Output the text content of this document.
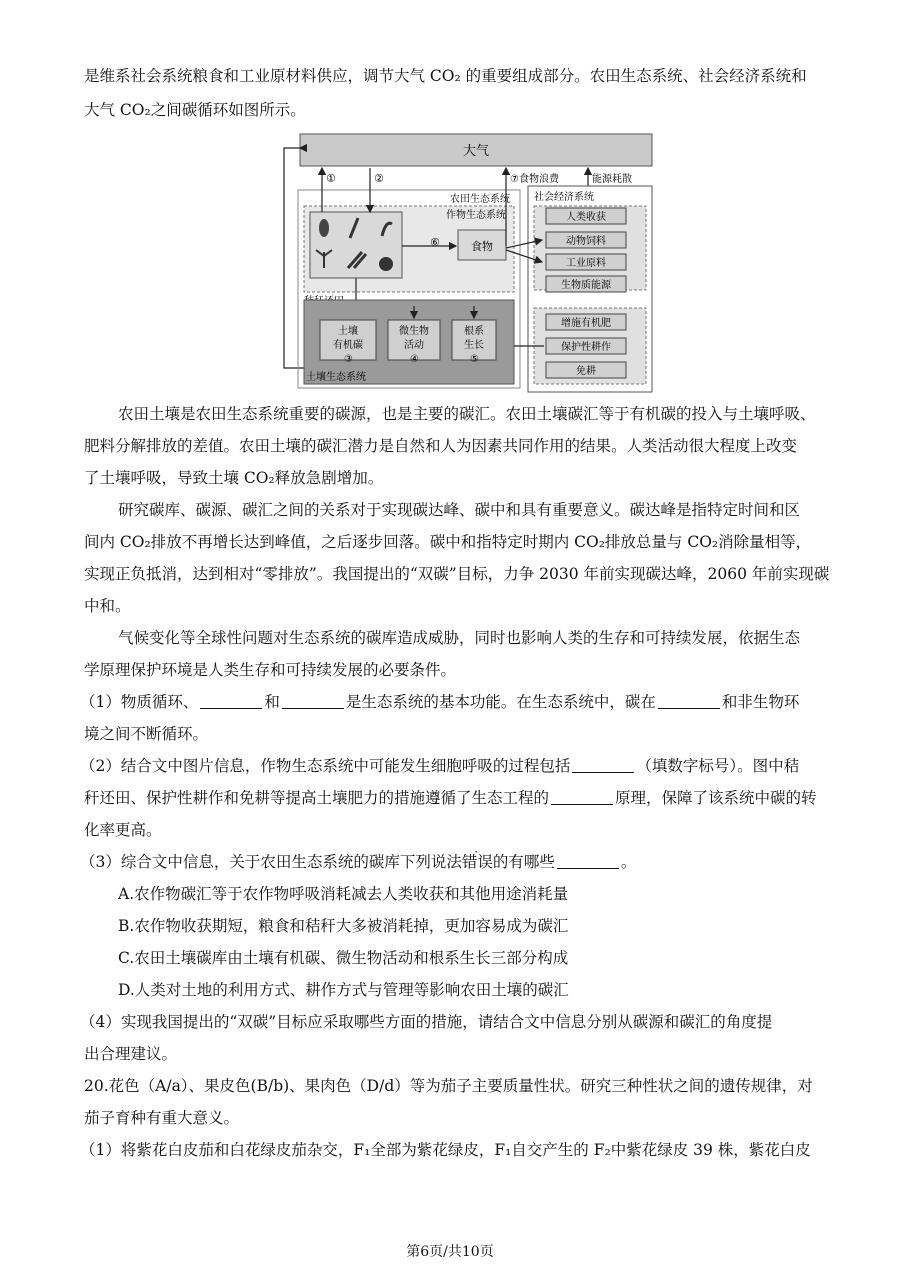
是维系社会系统粮食和工业原材料供应，调节大气 CO₂ 的重要组成部分。农田生态系统、社会经济系统和
大气 CO₂之间碳循环如图所示。
大气
农田生态系统
作物生态系统
⑥	食物
①	②	⑦食物浪费	能源耗散
土壤
有机碳
微生物
活动
根系
生长
③	④	⑤
土壤生态系统
社会经济系统
人类收获
动物饲料
工业原料
生物质能源
增施有机肥
保护性耕作
免耕
农田土壤是农田生态系统重要的碳源，也是主要的碳汇。农田土壤碳汇等于有机碳的投入与土壤呼吸、
肥料分解排放的差值。农田土壤的碳汇潜力是自然和人为因素共同作用的结果。人类活动很大程度上改变
了土壤呼吸，导致土壤 CO₂释放急剧增加。
研究碳库、碳源、碳汇之间的关系对于实现碳达峰、碳中和具有重要意义。碳达峰是指特定时间和区
间内 CO₂排放不再增长达到峰值，之后逐步回落。碳中和指特定时期内 CO₂排放总量与 CO₂消除量相等，
实现正负抵消，达到相对“零排放”。我国提出的“双碳”目标，力争 2030 年前实现碳达峰，2060 年前实现碳
中和。
气候变化等全球性问题对生态系统的碳库造成威胁，同时也影响人类的生存和可持续发展，依据生态
学原理保护环境是人类生存和可持续发展的必要条件。
（1）物质循环、	和	是生态系统的基本功能。在生态系统中，碳在	和非生物环
境之间不断循环。
（2）结合文中图片信息，作物生态系统中可能发生细胞呼吸的过程包括	（填数字标号）。图中秸
秆还田、保护性耕作和免耕等提高土壤肥力的措施遵循了生态工程的	原理，保障了该系统中碳的转
化率更高。
（3）综合文中信息，关于农田生态系统的碳库下列说法错误的有哪些	。
A.农作物碳汇等于农作物呼吸消耗减去人类收获和其他用途消耗量
B.农作物收获期短，粮食和秸秆大多被消耗掉，更加容易成为碳汇
C.农田土壤碳库由土壤有机碳、微生物活动和根系生长三部分构成
D.人类对土地的利用方式、耕作方式与管理等影响农田土壤的碳汇
（4）实现我国提出的“双碳”目标应采取哪些方面的措施，请结合文中信息分别从碳源和碳汇的角度提
出合理建议。
20.花色（A/a）、果皮色(B/b)、果肉色（D/d）等为茄子主要质量性状。研究三种性状之间的遗传规律，对
茄子育种有重大意义。
（1）将紫花白皮茄和白花绿皮茄杂交，F₁全部为紫花绿皮，F₁自交产生的 F₂中紫花绿皮 39 株，紫花白皮
第6页/共10页
